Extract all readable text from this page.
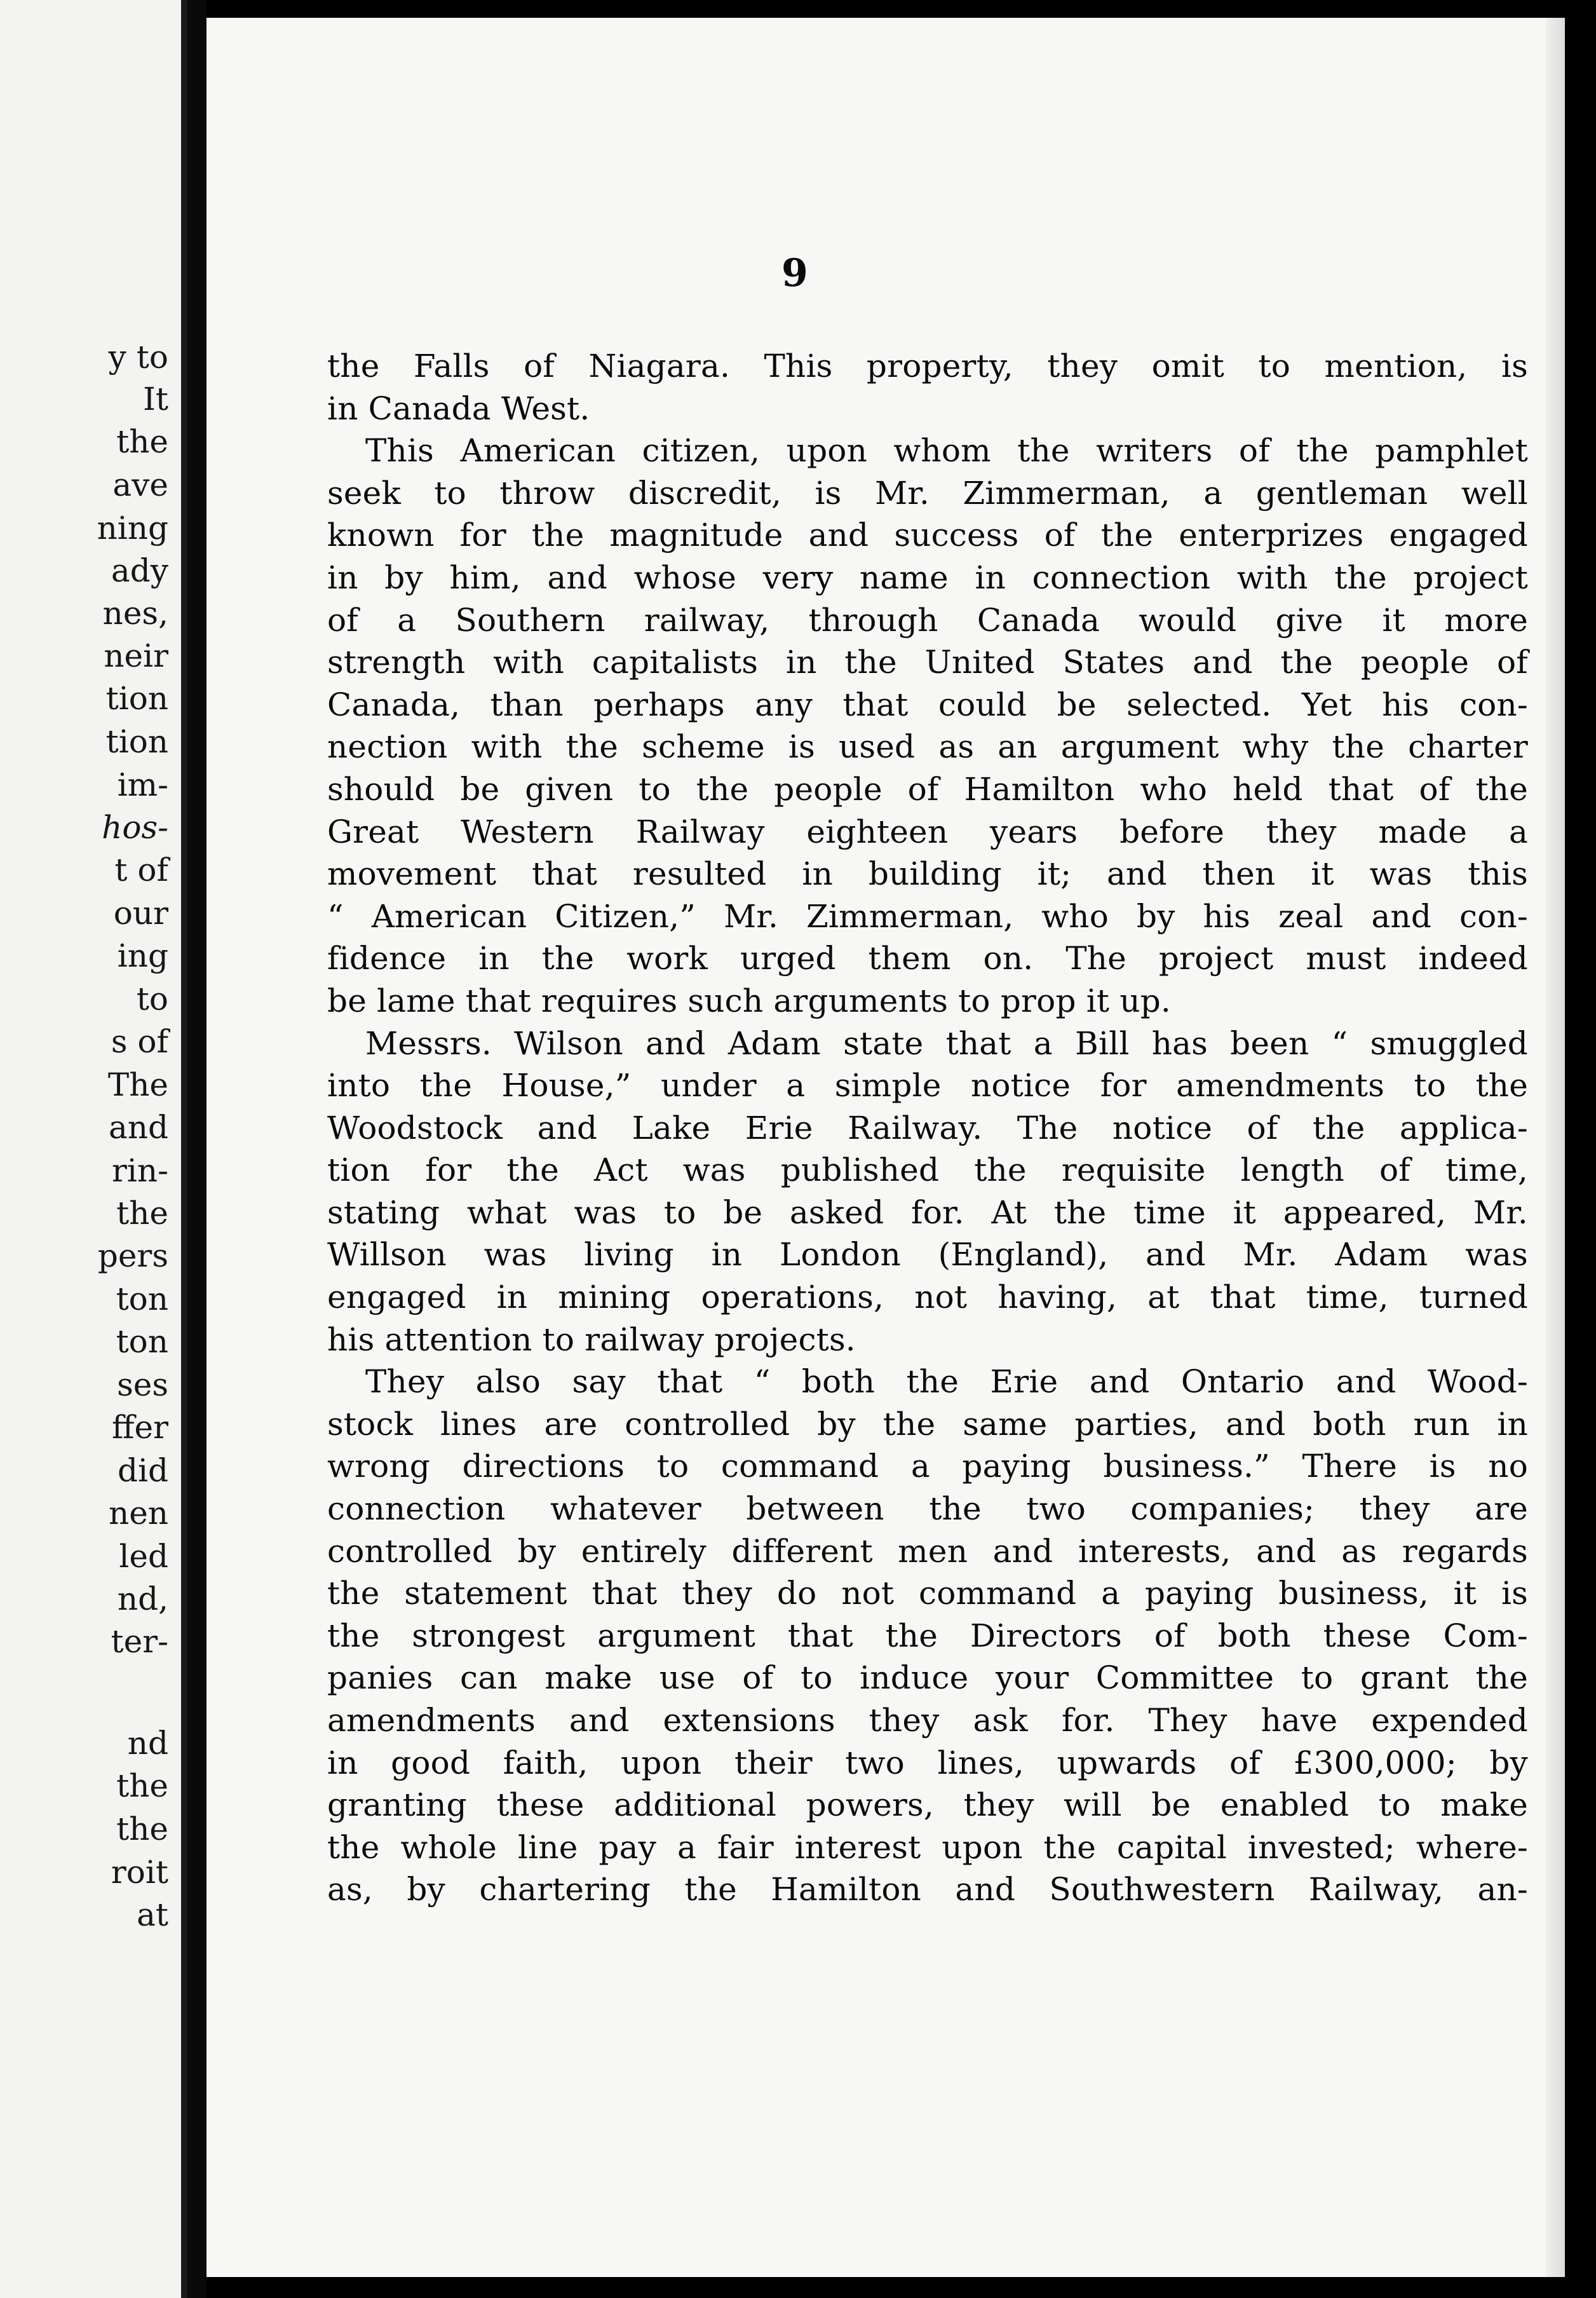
y to
It
the
ave
ning
ady
nes,
neir
tion
tion
im-
hos-
t of
our
ing
to
s of
The
and
rin-
the
pers
ton
ton
ses
ffer
did
nen
led
nd,
ter-
nd
the
the
roit
at
9
the Falls of Niagara. This property, they omit to mention, is
in Canada West.
This American citizen, upon whom the writers of the pamphlet
seek to throw discredit, is Mr. Zimmerman, a gentleman well
known for the magnitude and success of the enterprizes engaged
in by him, and whose very name in connection with the project
of a Southern railway, through Canada would give it more
strength with capitalists in the United States and the people of
Canada, than perhaps any that could be selected. Yet his con-
nection with the scheme is used as an argument why the charter
should be given to the people of Hamilton who held that of the
Great Western Railway eighteen years before they made a
movement that resulted in building it; and then it was this
“ American Citizen,” Mr. Zimmerman, who by his zeal and con-
fidence in the work urged them on. The project must indeed
be lame that requires such arguments to prop it up.
Messrs. Wilson and Adam state that a Bill has been “ smuggled
into the House,” under a simple notice for amendments to the
Woodstock and Lake Erie Railway. The notice of the applica-
tion for the Act was published the requisite length of time,
stating what was to be asked for. At the time it appeared, Mr.
Willson was living in London (England), and Mr. Adam was
engaged in mining operations, not having, at that time, turned
his attention to railway projects.
They also say that “ both the Erie and Ontario and Wood-
stock lines are controlled by the same parties, and both run in
wrong directions to command a paying business.” There is no
connection whatever between the two companies; they are
controlled by entirely different men and interests, and as regards
the statement that they do not command a paying business, it is
the strongest argument that the Directors of both these Com-
panies can make use of to induce your Committee to grant the
amendments and extensions they ask for. They have expended
in good faith, upon their two lines, upwards of £300,000; by
granting these additional powers, they will be enabled to make
the whole line pay a fair interest upon the capital invested; where-
as, by chartering the Hamilton and Southwestern Railway, an-
